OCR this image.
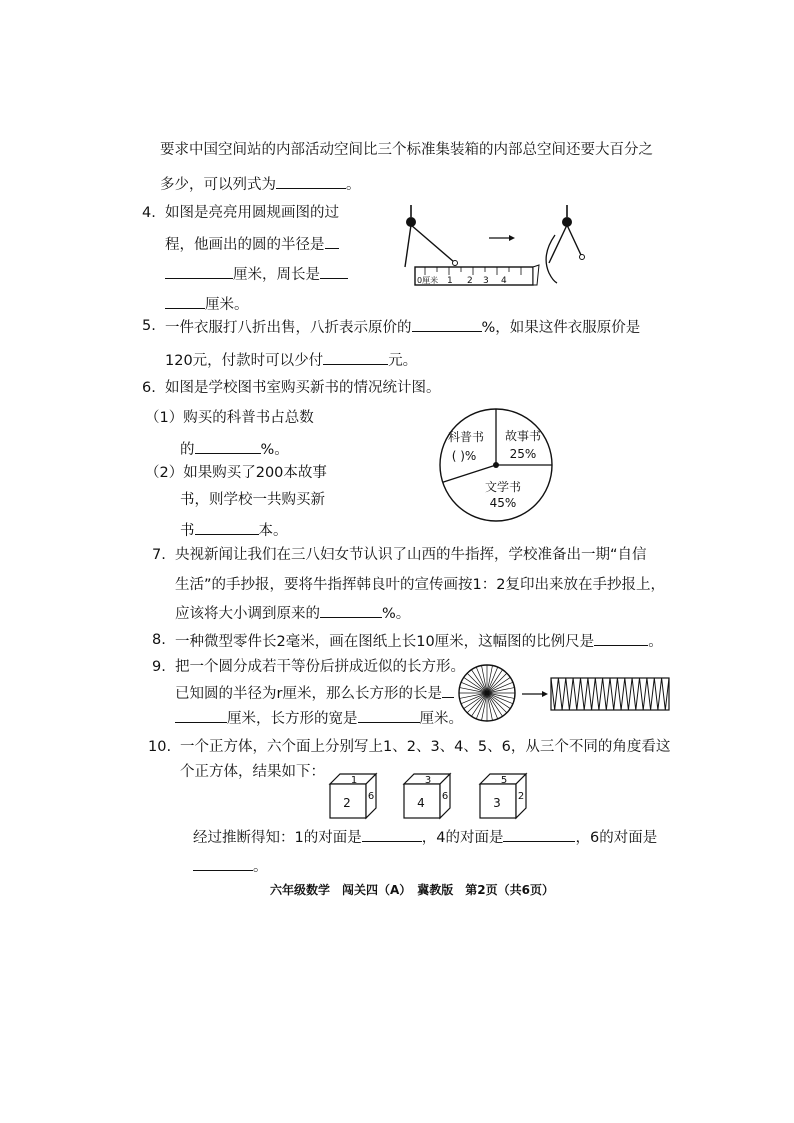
要求中国空间站的内部活动空间比三个标准集装箱的内部总空间还要大百分之
多少，可以列式为	。
4. 如图是亮亮用圆规画图的过
程，他画出的圆的半径是
厘米，周长是
厘米。
0厘米 1 2 3 4
5. 一件衣服打八折出售，八折表示原价的	%，如果这件衣服原价是
120元，付款时可以少付	元。
6. 如图是学校图书室购买新书的情况统计图。
（1）购买的科普书占总数
的	%。
（2）如果购买了200本故事
书，则学校一共购买新
书	本。
科普书
( )%
故事书
25%
文学书
45%
7. 央视新闻让我们在三八妇女节认识了山西的牛指挥，学校准备出一期“自信
生活”的手抄报，要将牛指挥韩良叶的宣传画按1：2复印出来放在手抄报上，
应该将大小调到原来的	%。
8. 一种微型零件长2毫米，画在图纸上长10厘米，这幅图的比例尺是	。
9. 把一个圆分成若干等份后拼成近似的长方形。
已知圆的半径为r厘米，那么长方形的长是
厘米，长方形的宽是	厘米。
10. 一个正方体，六个面上分别写上1、2、3、4、5、6，从三个不同的角度看这
个正方体，结果如下：
1
2 6
3
4 6
5
3 2
经过推断得知：1的对面是	，4的对面是	，6的对面是
。
六年级数学　闯关四（A）　冀教版　第2页（共6页）
